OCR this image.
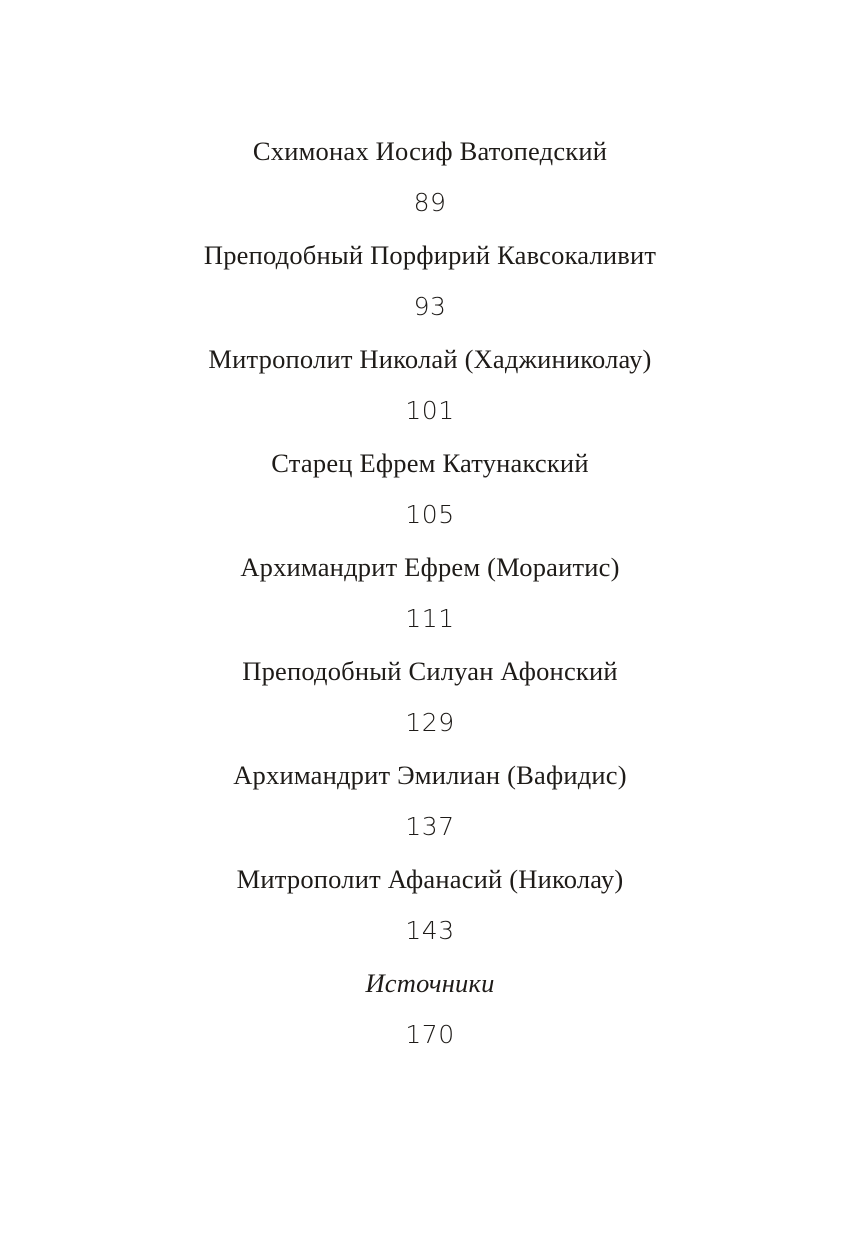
Схимонах Иосиф Ватопедский
89
Преподобный Порфирий Кавсокаливит
93
Митрополит Николай (Хаджиниколау)
101
Старец Ефрем Катунакский
105
Архимандрит Ефрем (Мораитис)
111
Преподобный Силуан Афонский
129
Архимандрит Эмилиан (Вафидис)
137
Митрополит Афанасий (Николау)
143
Источники
170
